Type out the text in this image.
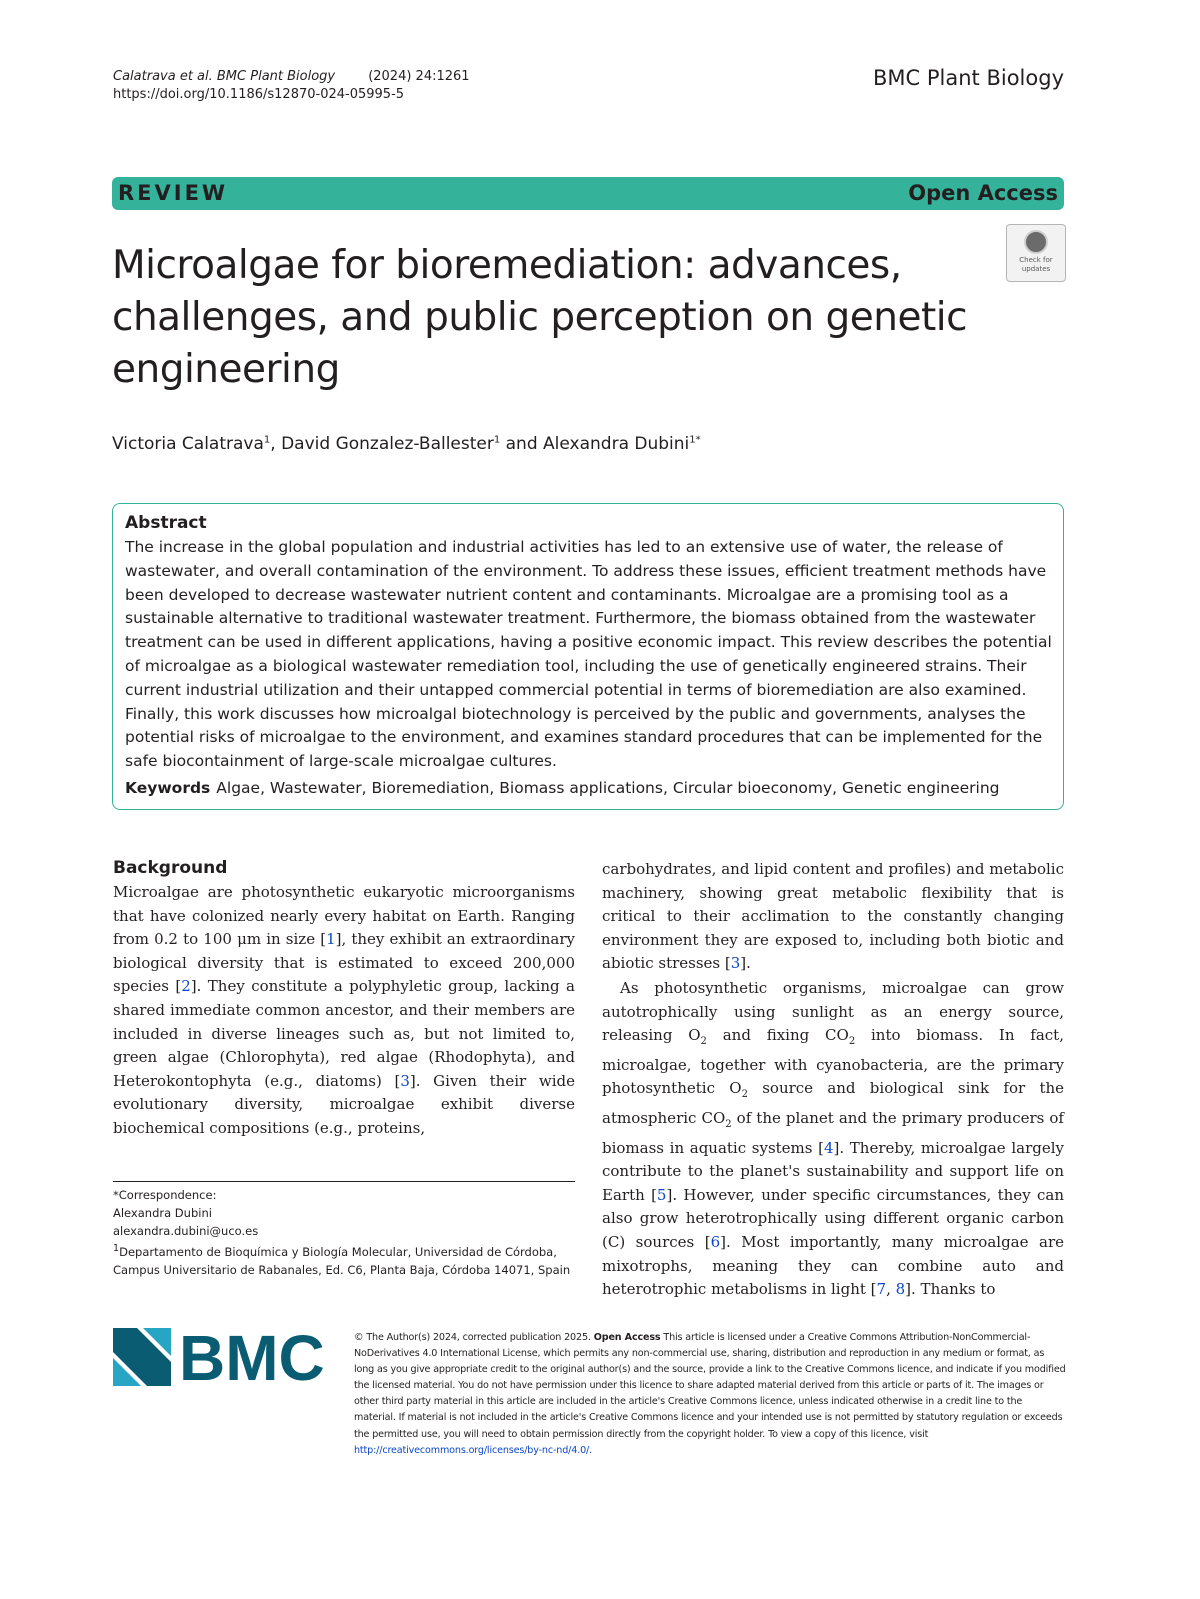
Calatrava et al. BMC Plant Biology	(2024) 24:1261
https://doi.org/10.1186/s12870-024-05995-5
BMC Plant Biology
REVIEW	Open Access
Microalgae for bioremediation: advances, challenges, and public perception on genetic engineering
Check for updates
Victoria Calatrava$^1$, David Gonzalez-Ballester$^1$ and Alexandra Dubini$^{1*}$
Abstract
The increase in the global population and industrial activities has led to an extensive use of water, the release of wastewater, and overall contamination of the environment. To address these issues, efficient treatment methods have been developed to decrease wastewater nutrient content and contaminants. Microalgae are a promising tool as a sustainable alternative to traditional wastewater treatment. Furthermore, the biomass obtained from the wastewater treatment can be used in different applications, having a positive economic impact. This review describes the potential of microalgae as a biological wastewater remediation tool, including the use of genetically engineered strains. Their current industrial utilization and their untapped commercial potential in terms of bioremediation are also examined. Finally, this work discusses how microalgal biotechnology is perceived by the public and governments, analyses the potential risks of microalgae to the environment, and examines standard procedures that can be implemented for the safe biocontainment of large-scale microalgae cultures.
Keywords Algae, Wastewater, Bioremediation, Biomass applications, Circular bioeconomy, Genetic engineering
Background

Microalgae are photosynthetic eukaryotic microorganisms that have colonized nearly every habitat on Earth. Ranging from 0.2 to 100 μm in size [1], they exhibit an extraordinary biological diversity that is estimated to exceed 200,000 species [2]. They constitute a polyphyletic group, lacking a shared immediate common ancestor, and their members are included in diverse lineages such as, but not limited to, green algae (Chlorophyta), red algae (Rhodophyta), and Heterokontophyta (e.g., diatoms) [3]. Given their wide evolutionary diversity, microalgae exhibit diverse biochemical compositions (e.g., proteins,

carbohydrates, and lipid content and profiles) and metabolic machinery, showing great metabolic flexibility that is critical to their acclimation to the constantly changing environment they are exposed to, including both biotic and abiotic stresses [3].

As photosynthetic organisms, microalgae can grow autotrophically using sunlight as an energy source, releasing $O_2$ and fixing $CO_2$ into biomass. In fact, microalgae, together with cyanobacteria, are the primary photosynthetic $O_2$ source and biological sink for the atmospheric $CO_2$ of the planet and the primary producers of biomass in aquatic systems [4]. Thereby, microalgae largely contribute to the planet's sustainability and support life on Earth [5]. However, under specific circumstances, they can also grow heterotrophically using different organic carbon (C) sources [6]. Most importantly, many microalgae are mixotrophs, meaning they can combine auto and heterotrophic metabolisms in light [7, 8]. Thanks to

*Correspondence:
Alexandra Dubini
alexandra.dubini@uco.es
$^1$Departamento de Bioquímica y Biología Molecular, Universidad de Córdoba, Campus Universitario de Rabanales, Ed. C6, Planta Baja, Córdoba 14071, Spain
BMC	© The Author(s) 2024, corrected publication 2025. Open Access This article is licensed under a Creative Commons Attribution-NonCommercial-NoDerivatives 4.0 International License, which permits any non-commercial use, sharing, distribution and reproduction in any medium or format, as long as you give appropriate credit to the original author(s) and the source, provide a link to the Creative Commons licence, and indicate if you modified the licensed material. You do not have permission under this licence to share adapted material derived from this article or parts of it. The images or other third party material in this article are included in the article's Creative Commons licence, unless indicated otherwise in a credit line to the material. If material is not included in the article's Creative Commons licence and your intended use is not permitted by statutory regulation or exceeds the permitted use, you will need to obtain permission directly from the copyright holder. To view a copy of this licence, visit http://creativecommons.org/licenses/by-nc-nd/4.0/.
